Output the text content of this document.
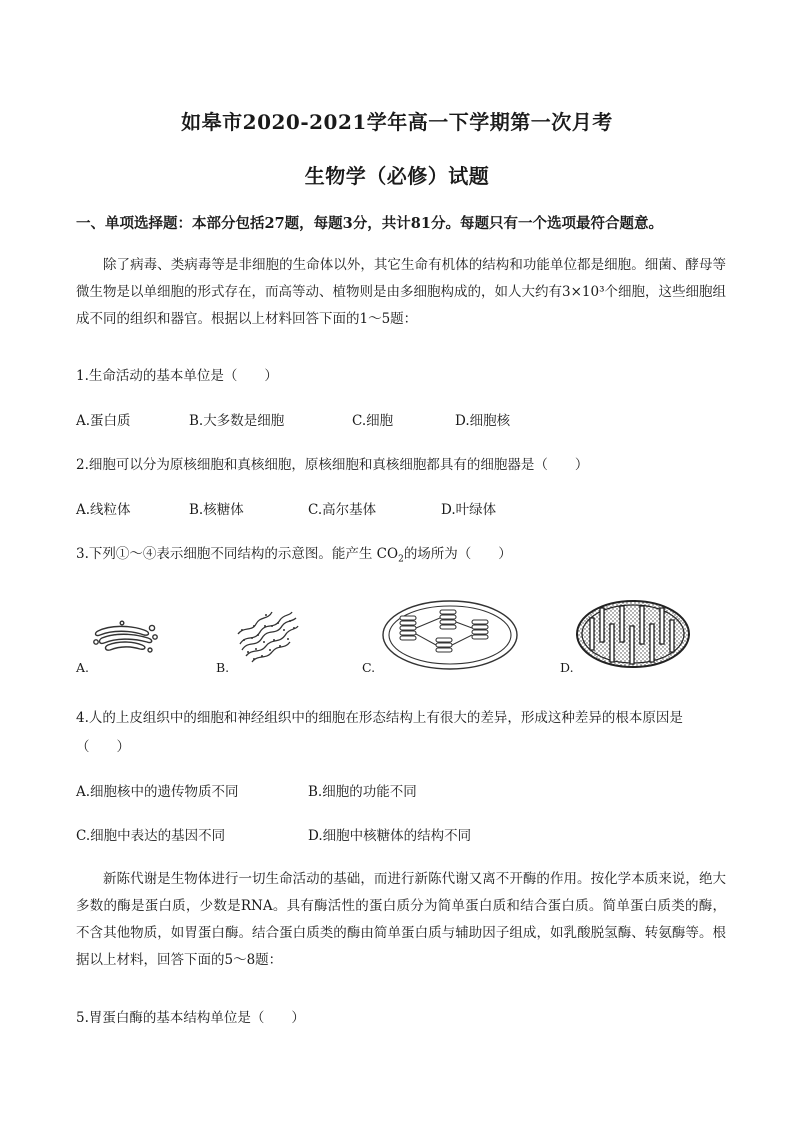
如皋市2020-2021学年高一下学期第一次月考
生物学（必修）试题
一、单项选择题：本部分包括27题，每题3分，共计81分。每题只有一个选项最符合题意。
除了病毒、类病毒等是非细胞的生命体以外，其它生命有机体的结构和功能单位都是细胞。细菌、酵母等微生物是以单细胞的形式存在，而高等动、植物则是由多细胞构成的，如人大约有3×10³个细胞，这些细胞组成不同的组织和器官。根据以上材料回答下面的1～5题：
1.生命活动的基本单位是（　　）
A.蛋白质	B.大多数是细胞	C.细胞	D.细胞核
2.细胞可以分为原核细胞和真核细胞，原核细胞和真核细胞都具有的细胞器是（　　）
A.线粒体	B.核糖体	C.高尔基体	D.叶绿体
3.下列①～④表示细胞不同结构的示意图。能产生 $CO_2$的场所为（　　）
A.	B.	C.	D.
4.人的上皮组织中的细胞和神经组织中的细胞在形态结构上有很大的差异，形成这种差异的根本原因是
（　　）
A.细胞核中的遗传物质不同	B.细胞的功能不同
C.细胞中表达的基因不同	D.细胞中核糖体的结构不同
新陈代谢是生物体进行一切生命活动的基础，而进行新陈代谢又离不开酶的作用。按化学本质来说，绝大多数的酶是蛋白质，少数是RNA。具有酶活性的蛋白质分为简单蛋白质和结合蛋白质。简单蛋白质类的酶，不含其他物质，如胃蛋白酶。结合蛋白质类的酶由简单蛋白质与辅助因子组成，如乳酸脱氢酶、转氨酶等。根据以上材料，回答下面的5～8题：
5.胃蛋白酶的基本结构单位是（　　）
